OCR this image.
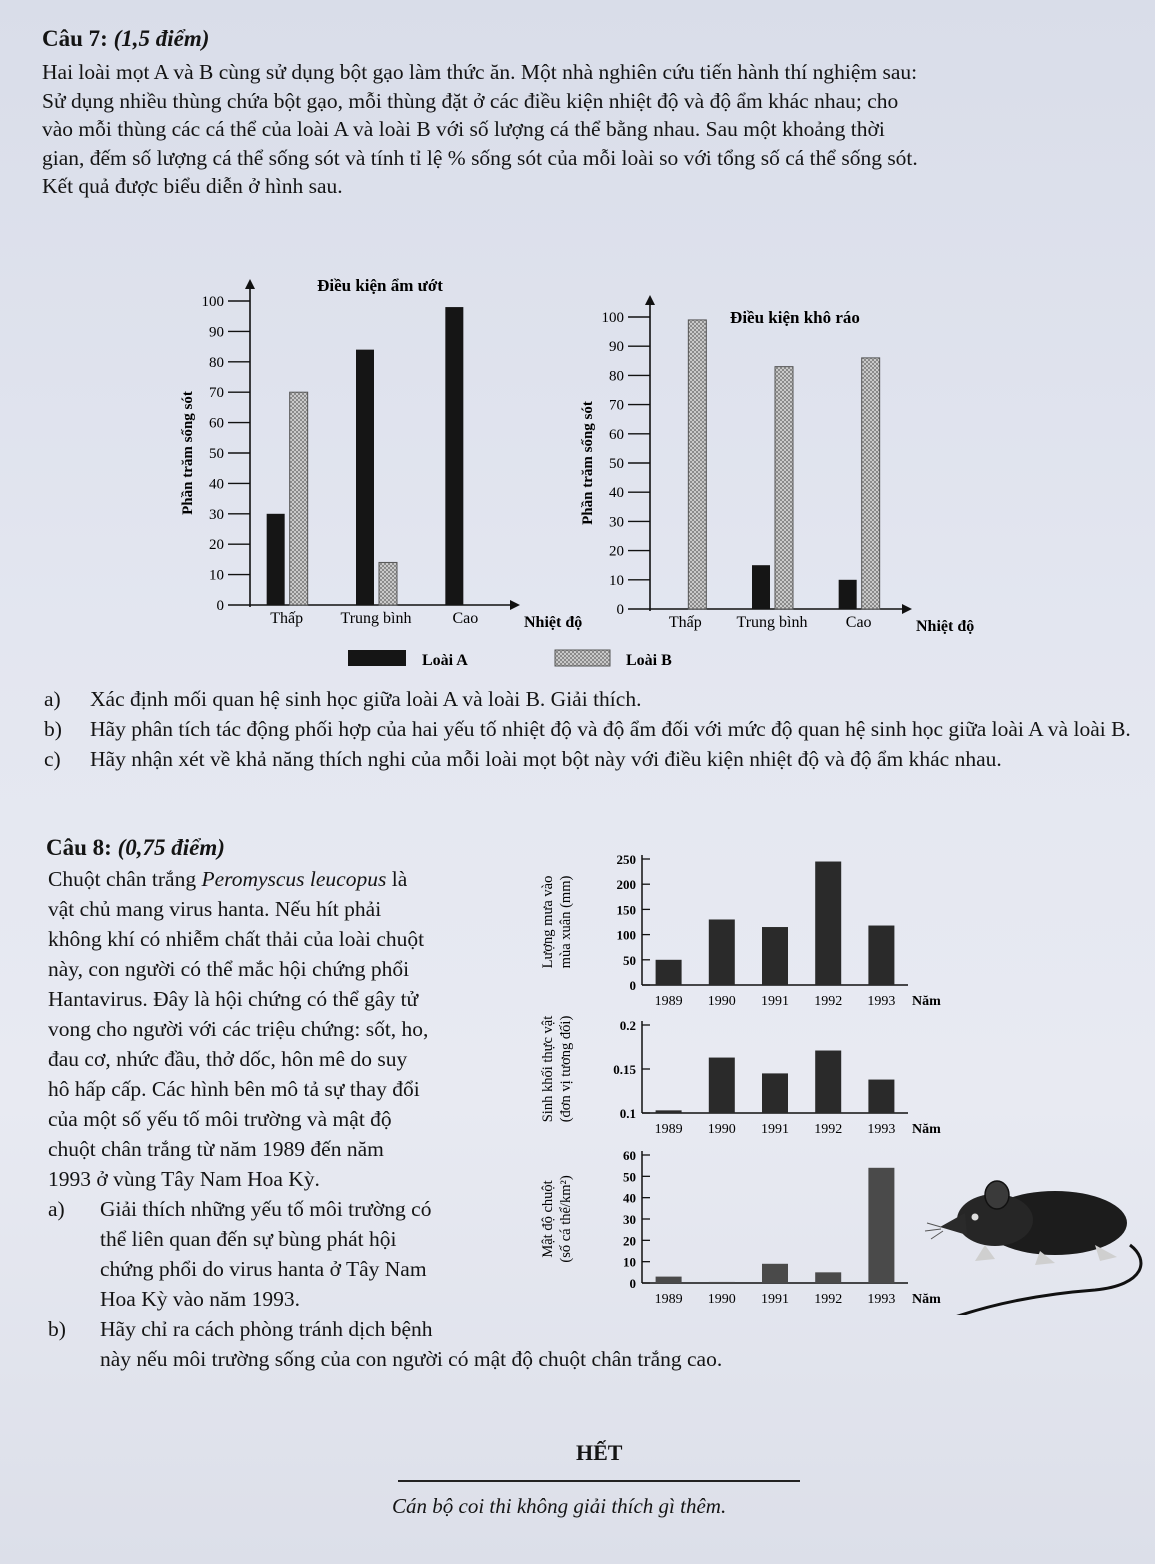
Câu 7: (1,5 điểm)

Hai loài mọt A và B cùng sử dụng bột gạo làm thức ăn. Một nhà nghiên cứu tiến hành thí nghiệm sau:

Sử dụng nhiều thùng chứa bột gạo, mỗi thùng đặt ở các điều kiện nhiệt độ và độ ẩm khác nhau; cho

vào mỗi thùng các cá thể của loài A và loài B với số lượng cá thể bằng nhau. Sau một khoảng thời

gian, đếm số lượng cá thể sống sót và tính tỉ lệ % sống sót của mỗi loài so với tổng số cá thể sống sót.

Kết quả được biểu diễn ở hình sau.

0
10
20
30
40
50
60
70
80
90
100
Điều kiện ẩm ướt
Phần trăm sống sót
Nhiệt độ
Thấp Trung bình	Cao	0
10
20
30
40
50
60
70
80
90
100	Điều kiện khô ráo
Phần trăm sống sót
Nhiệt độ
Thấp Trung bình Cao
Loài A	Loài B
a)	Xác định mối quan hệ sinh học giữa loài A và loài B. Giải thích.
b)	Hãy phân tích tác động phối hợp của hai yếu tố nhiệt độ và độ ẩm đối với mức độ quan hệ sinh học giữa loài A và loài B.
c)	Hãy nhận xét về khả năng thích nghi của mỗi loài mọt bột này với điều kiện nhiệt độ và độ ẩm khác nhau.
Câu 8: (0,75 điểm)

Chuột chân trắng Peromyscus leucopus là

vật chủ mang virus hanta. Nếu hít phải

không khí có nhiễm chất thải của loài chuột

này, con người có thể mắc hội chứng phổi

Hantavirus. Đây là hội chứng có thể gây tử

vong cho người với các triệu chứng: sốt, ho,

đau cơ, nhức đầu, thở dốc, hôn mê do suy

hô hấp cấp. Các hình bên mô tả sự thay đổi

của một số yếu tố môi trường và mật độ

chuột chân trắng từ năm 1989 đến năm

1993 ở vùng Tây Nam Hoa Kỳ.

a)	Giải thích những yếu tố môi trường có
thể liên quan đến sự bùng phát hội
chứng phổi do virus hanta ở Tây Nam
Hoa Kỳ vào năm 1993.
b)	Hãy chỉ ra cách phòng tránh dịch bệnh
này nếu môi trường sống của con người có mật độ chuột chân trắng cao.
0
50
100
150
200
250
1989 1990 1991 1992 1993 Năm
Lượng mưa vào mùa xuân (mm)
0.1
0.15
0.2
1989 1990 1991 1992 1993 Năm
Sinh khối thực vật (đơn vị tương đối)
0
10
20
30
40
50
60
1989 1990 1991 1992 1993 Năm
Mật độ chuột (số cá thể/km²)
HẾT
Cán bộ coi thi không giải thích gì thêm.
